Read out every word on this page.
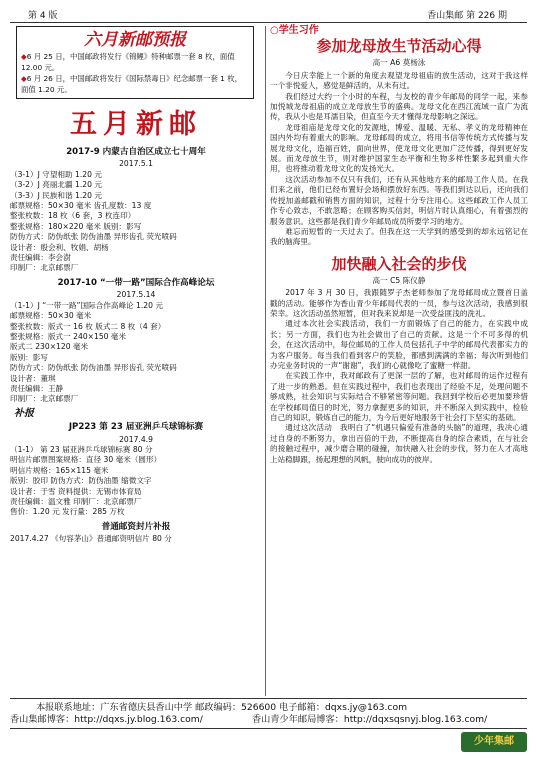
第 4 版	香山集邮 第 226 期
六月新邮预报

◆6 月 25 日，中国邮政将发行《锦鲤》特种邮票一套 8 枚，面值 12.00 元。

◆6 月 26 日，中国邮政将发行《国际禁毒日》纪念邮票一套 1 枚，面值 1.20 元。

五月新邮
2017-9 内蒙古自治区成立七十周年
2017.5.1
（3-1）J 守望相助 1.20 元
（3-2）J 亮丽北疆 1.20 元
（3-3）J 民族和谐 1.20 元
邮票规格：50×30 毫米 齿孔度数：13 度
整张枚数：18 枚（6 套，3 枚连印）
整张规格：180×220 毫米 版别：影写
防伪方式：防伪纸张 防伪油墨 异形齿孔 荧光喷码
设计者：殷会利、牧娟、胡杨
责任编辑：李会澍
印制厂：北京邮票厂
2017-10 “一带一路”国际合作高峰论坛
2017.5.14
（1-1）J “一带一路”国际合作高峰论 1.20 元
邮票规格：50×30 毫米
整张枚数：版式一 16 枚 版式二 8 枚（4 套）
整张规格：版式一 240×150 毫米
版式二 230×120 毫米
版别：影写
防伪方式：防伪纸张 防伪油墨 异形齿孔 荧光喷码
设计者：董琪
责任编辑：王静
印制厂：北京邮票厂
补报
JP223 第 23 届亚洲乒乓球锦标赛
2017.4.9
（1-1） 第 23 届亚洲乒乓球锦标赛 80 分
明信片邮票图案规格：直径 30 毫米（圆形）
明信片规格：165×115 毫米
版别：胶印 防伪方式：防伪油墨 缩微文字
设计者：于雪 资料提供：无锡市体育局
责任编辑：温文雅 印制厂：北京邮票厂
售价：1.20 元 发行量：285 万枚
普通邮资封片补报
2017.4.27 《句容茅山》普通邮资明信片 80 分
○学生习作
参加龙母放生节活动心得
高一 A6 莫杨泳

今日庆幸能上一个新的角度去观望龙母祖庙的放生活动，这对于我这样一个非悦爱人，感觉是鲜活的，从未有过。

我们经过大约一个小时的车程，与友校的青少年邮局的同学一起，来参加悦城龙母祖庙的成立龙母放生节的盛典。龙母文化在西江流域一直广为流传，我从小也是耳濡目染，但直至今天才懂得龙母影响之深远。

龙母祖庙是龙母文化的发源地，博爱、温暖、无私、孝义的龙母精神在国内外均有着重大的影响。龙母邮局的成立，将用书信等传统方式传播与发展龙母文化，造福百姓，面向世界，使龙母文化更加广泛传播，得到更好发展。而龙母放生节，则对维护国家生态平衡和生物多样性繁多起到重大作用，也将推动着龙母文化的发扬光大。

这次活动参加不仅只有我们，还有从其他地方来的邮局工作人员。在我们来之前，他们已经布置好会场和摆放好东西。等我们到达以后，还向我们传授加盖邮戳和销售方面的知识，过程十分专注用心。这些邮政工作人员工作专心致志，不敢忽略；在顾客购买信封，明信片时认真细心，有着强烈的服务意识。这些都是我们青少年邮局成员所要学习的地方。

难忘而短暂的一天过去了。但我在这一天学到的感受到的却永远铭记在我的脑海里。

加快融入社会的步伐
高一 C5 陈仪静

2017 年 3 月 30 日，我跟随罗子杰老师参加了龙母邮局成立暨首日盖戳的活动。能够作为香山青少年邮局代表的一员，参与这次活动，我感到很荣幸。这次活动虽然短暂，但对我来说却是一次受益匪浅的洗礼。

通过本次社会实践活动，我们一方面锻炼了自己的能力，在实践中成长；另一方面，我们也为社会做出了自己的贡献。这是一个不可多得的机会，在这次活动中，每位邮局的工作人员包括孔子中学的邮局代表都实力的为客户服务。每当我们看到客户的笑脸，都感到满满的幸福；每次听到他们办完业务时说的一声“谢谢”，我们的心就像吃了蜜糖一样甜。

在实践工作中，我对邮政有了更深一层的了解，也对邮局的运作过程有了进一步的熟悉。但在实践过程中，我们也表现出了经验不足，处理问题不够成熟，社会知识与实际结合不够紧密等问题。我回到学校后必更加要珍惜在学校邮局值日的时光，努力拿握更多的知识，并不断深入到实践中，检验自己的知识，锻炼自己的能力，为今后更好地服务于社会打下坚实的基础。

通过这次活动　我明白了“机遇只偏爱有准备的头脑”的道理，我决心通过自身的不断努力，拿出百倍的干劲，不断提高自身的综合素质，在与社会的接触过程中，减少磨合期的碰撞，加快融入社会的步伐，努力在人才高地上站稳脚跟，扬起理想的风帆，驶向成功的彼岸。

本报联系地址：广东省德庆县香山中学 邮政编码：526600 电子邮箱：dqxs.jy@163.com
香山集邮博客：http://dqxs.jy.blog.163.com/	香山青少年邮局博客：http://dqxsqsnyj.blog.163.com/
少年集邮
